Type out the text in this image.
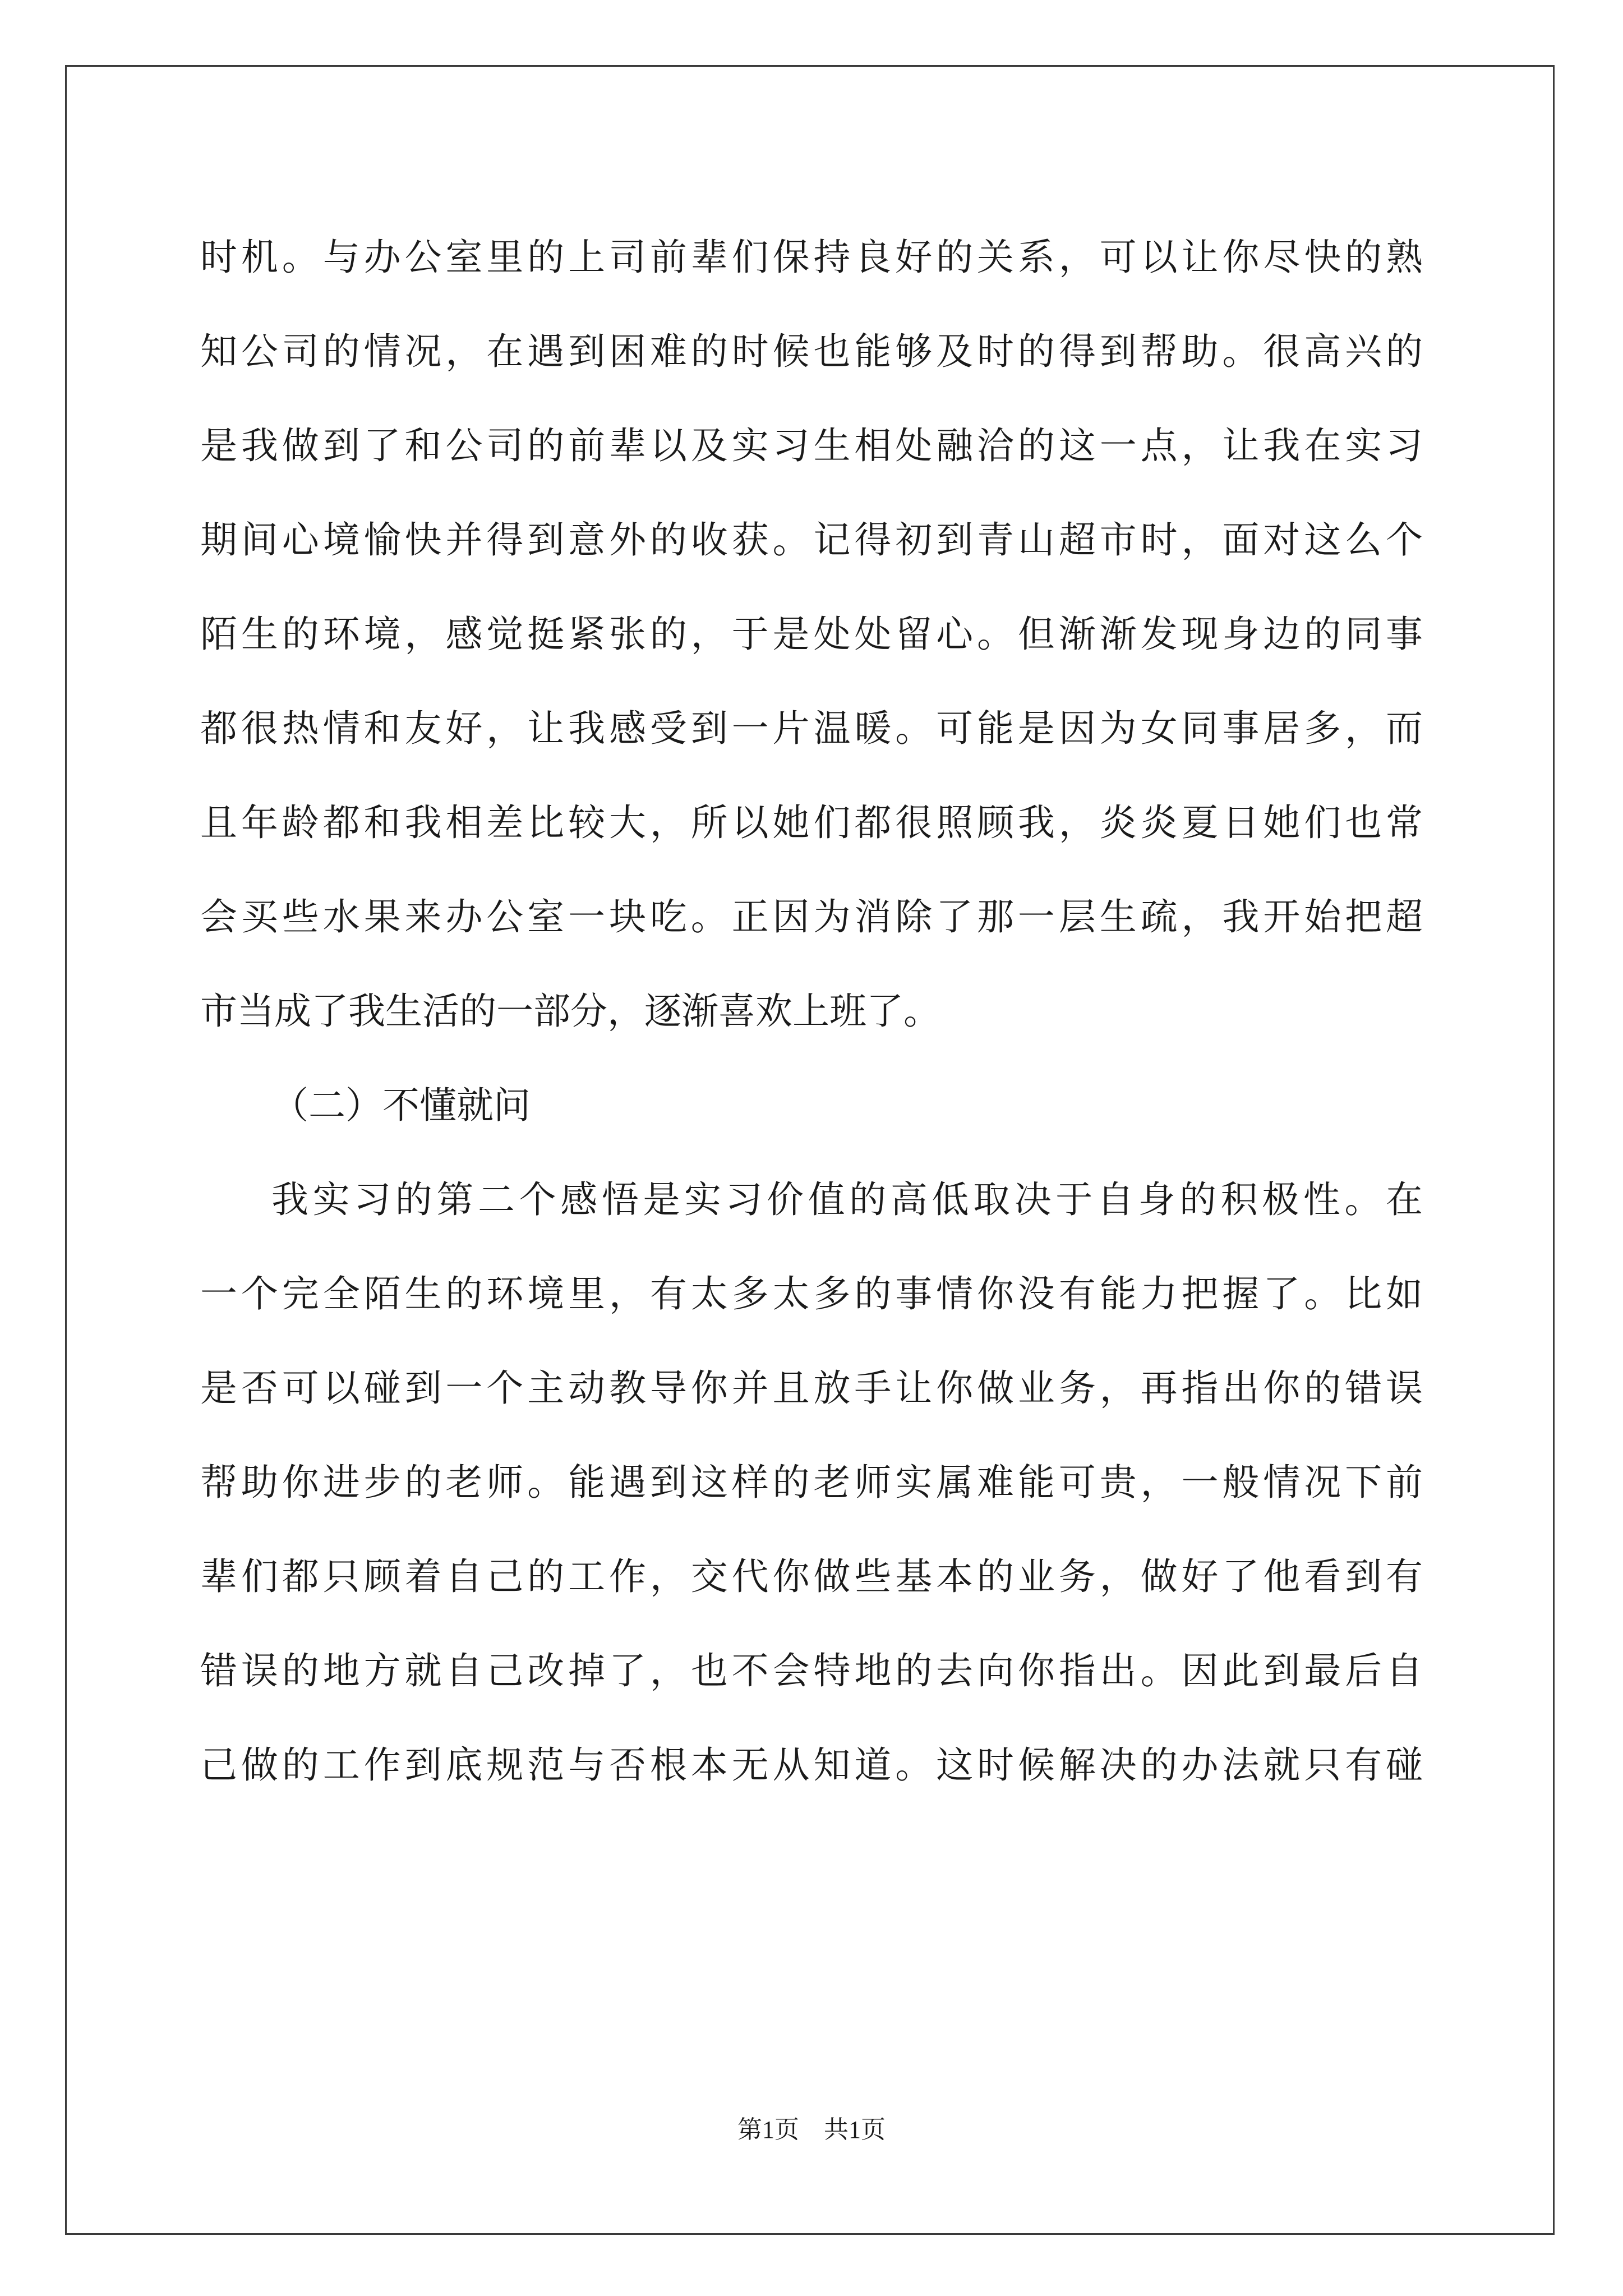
时机。与办公室里的上司前辈们保持良好的关系，可以让你尽快的熟
知公司的情况，在遇到困难的时候也能够及时的得到帮助。很高兴的
是我做到了和公司的前辈以及实习生相处融洽的这一点，让我在实习
期间心境愉快并得到意外的收获。记得初到青山超市时，面对这么个
陌生的环境，感觉挺紧张的，于是处处留心。但渐渐发现身边的同事
都很热情和友好，让我感受到一片温暖。可能是因为女同事居多，而
且年龄都和我相差比较大，所以她们都很照顾我，炎炎夏日她们也常
会买些水果来办公室一块吃。正因为消除了那一层生疏，我开始把超
市当成了我生活的一部分，逐渐喜欢上班了。
（二）不懂就问
我实习的第二个感悟是实习价值的高低取决于自身的积极性。在
一个完全陌生的环境里，有太多太多的事情你没有能力把握了。比如
是否可以碰到一个主动教导你并且放手让你做业务，再指出你的错误
帮助你进步的老师。能遇到这样的老师实属难能可贵，一般情况下前
辈们都只顾着自己的工作，交代你做些基本的业务，做好了他看到有
错误的地方就自己改掉了，也不会特地的去向你指出。因此到最后自
己做的工作到底规范与否根本无从知道。这时候解决的办法就只有碰
第1页　共1页
